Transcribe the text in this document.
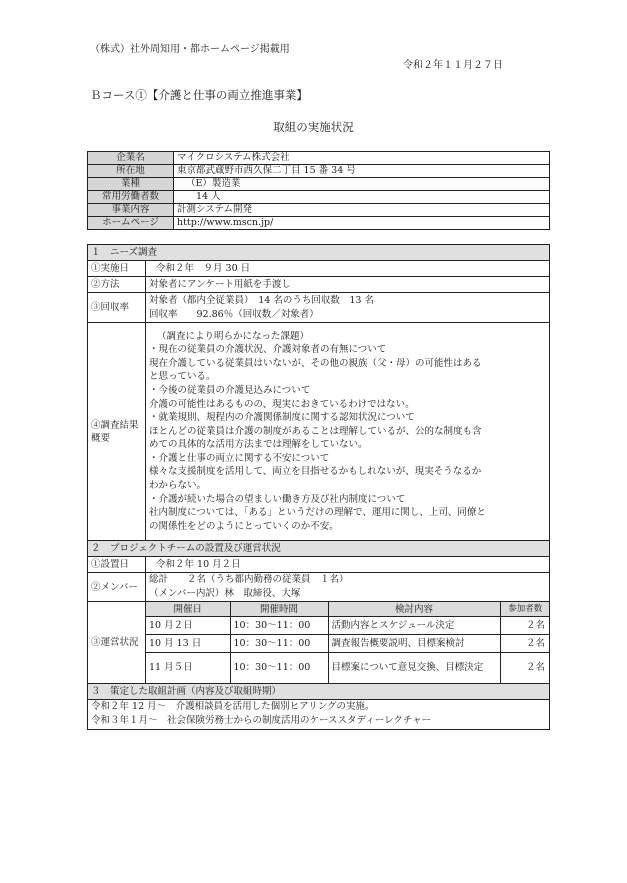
（株式）社外周知用・都ホームページ掲載用
令和２年１１月２７日
Ｂコース①【介護と仕事の両立推進事業】
取組の実施状況
企業名	マイクロシステム株式会社
所在地	東京都武蔵野市西久保二丁目 15 番 34 号
業種	（E）製造業
常用労働者数	14 人
事業内容	計測システム開発
ホームページ	http://www.mscn.jp/
１　ニーズ調査
①実施日	令和２年　９月 30 日
②方法	対象者にアンケート用紙を手渡し
③回収率	
対象者（都内全従業員）　14 名のうち回収数　13 名
回収率　　92.86％（回収数／対象者）

④調査結果概要	
（調査により明らかになった課題）
・現在の従業員の介護状況、介護対象者の有無について
現在介護している従業員はいないが、その他の親族（父・母）の可能性はある
と思っている。
・今後の従業員の介護見込みについて
介護の可能性はあるものの、現実におきているわけではない。
・就業規則、規程内の介護関係制度に関する認知状況について
ほとんどの従業員は介護の制度があることは理解しているが、公的な制度も含
めての具体的な活用方法までは理解をしていない。
・介護と仕事の両立に関する不安について
様々な支援制度を活用して、両立を目指せるかもしれないが、現実そうなるか
わからない。
・介護が続いた場合の望ましい働き方及び社内制度について
社内制度については、「ある」というだけの理解で、運用に関し、上司、同僚と
の関係性をどのようにとっていくのか不安。

２　プロジェクトチームの設置及び運営状況
①設置日	令和２年 10 月２日
②メンバー	
総計　　２名（うち都内勤務の従業員　１名）
（メンバー内訳）林　取締役、大塚

③運営状況	
開催日	開催時間	検討内容	参加者数
10 月２日	10：30～11：00	活動内容とスケジュール決定	２名
10 月 13 日	10：30～11：00	調査報告概要説明、目標案検討	２名
11 月５日	10：30～11：00	目標案について意見交換、目標決定	２名

３　策定した取組計画（内容及び取組時期）

令和２年 12 月～　介護相談員を活用した個別ヒアリングの実施。
令和３年１月～　社会保険労務士からの制度活用のケーススタディーレクチャー
